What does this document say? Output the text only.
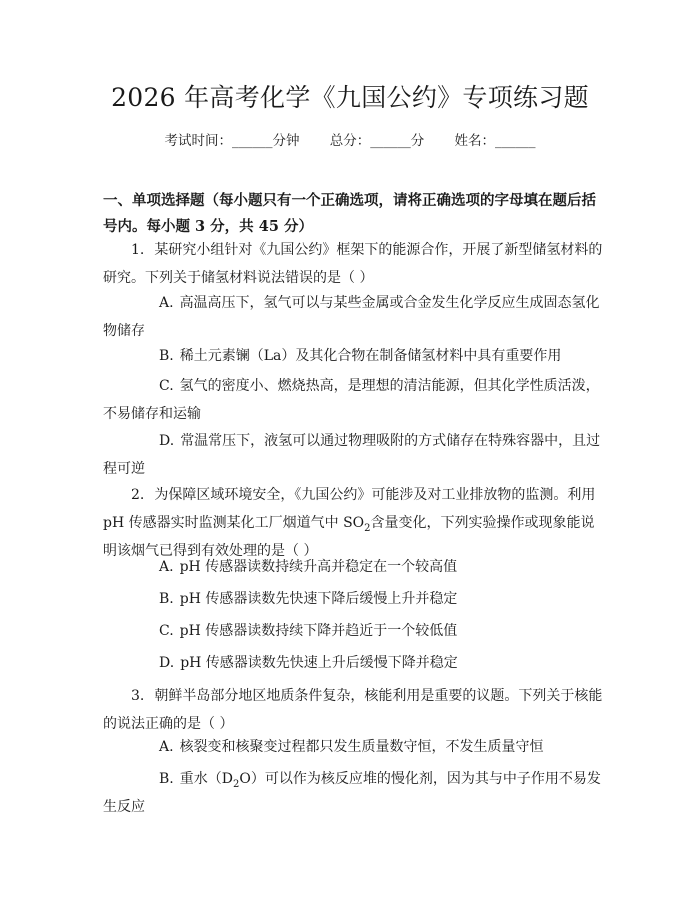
2026 年高考化学《九国公约》专项练习题
考试时间：______分钟 总分：______分 姓名：______
一、单项选择题（每小题只有一个正确选项，请将正确选项的字母填在题后括号内。每小题 3 分，共 45 分）
1. 某研究小组针对《九国公约》框架下的能源合作，开展了新型储氢材料的研究。下列关于储氢材料说法错误的是（ ）
A. 高温高压下，氢气可以与某些金属或合金发生化学反应生成固态氢化物储存
B. 稀土元素镧（La）及其化合物在制备储氢材料中具有重要作用
C. 氢气的密度小、燃烧热高，是理想的清洁能源，但其化学性质活泼，不易储存和运输
D. 常温常压下，液氢可以通过物理吸附的方式储存在特殊容器中，且过程可逆
2. 为保障区域环境安全，《九国公约》可能涉及对工业排放物的监测。利用 pH 传感器实时监测某化工厂烟道气中 $SO_2$含量变化，下列实验操作或现象能说明该烟气已得到有效处理的是（ ）
A. pH 传感器读数持续升高并稳定在一个较高值
B. pH 传感器读数先快速下降后缓慢上升并稳定
C. pH 传感器读数持续下降并趋近于一个较低值
D. pH 传感器读数先快速上升后缓慢下降并稳定
3. 朝鲜半岛部分地区地质条件复杂，核能利用是重要的议题。下列关于核能的说法正确的是（ ）
A. 核裂变和核聚变过程都只发生质量数守恒，不发生质量守恒
B. 重水$(D_2O)$可以作为核反应堆的慢化剂，因为其与中子作用不易发生反应
